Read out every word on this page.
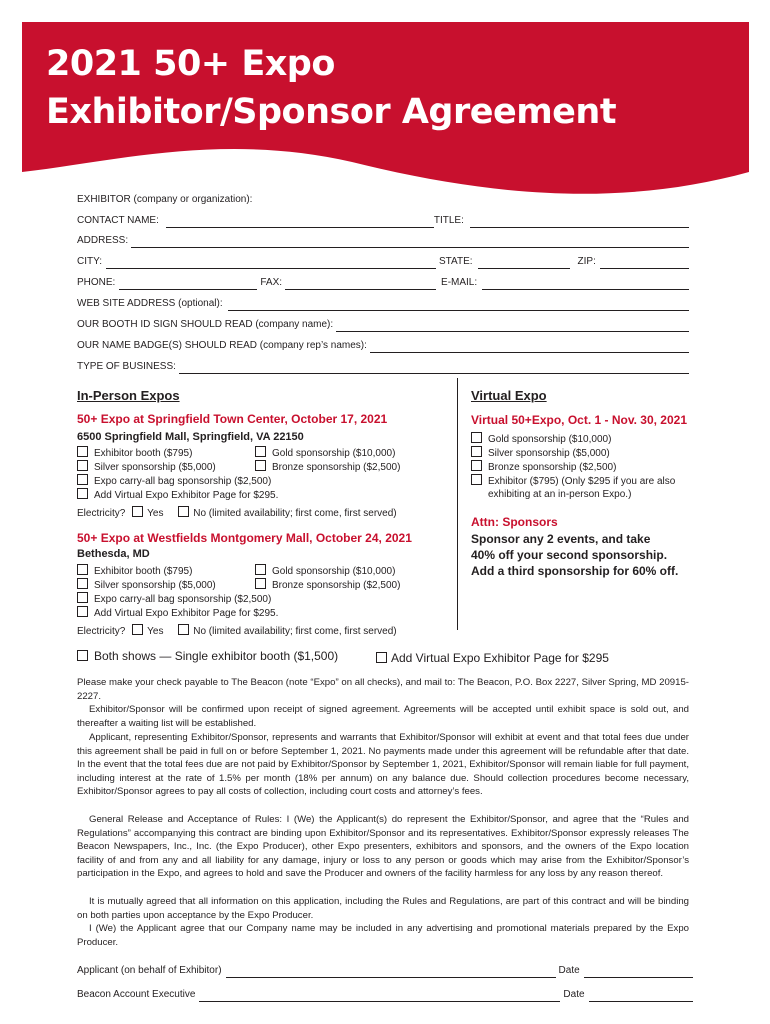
2021 50+ Expo
Exhibitor/Sponsor Agreement
EXHIBITOR (company or organization):
CONTACT NAME:	TITLE:
ADDRESS:
CITY:	STATE:	ZIP:
PHONE:	FAX:	E-MAIL:
WEB SITE ADDRESS (optional):
OUR BOOTH ID SIGN SHOULD READ (company name):
OUR NAME BADGE(S) SHOULD READ (company rep’s names):
TYPE OF BUSINESS:
In-Person Expos
50+ Expo at Springfield Town Center, October 17, 2021
6500 Springfield Mall, Springfield, VA 22150
Exhibitor booth ($795)	Gold sponsorship ($10,000)
Silver sponsorship ($5,000)	Bronze sponsorship ($2,500)
Expo carry-all bag sponsorship ($2,500)
Add Virtual Expo Exhibitor Page for $295.
Electricity? Yes	No (limited availability; first come, first served)
50+ Expo at Westfields Montgomery Mall, October 24, 2021
Bethesda, MD
Exhibitor booth ($795)	Gold sponsorship ($10,000)
Silver sponsorship ($5,000)	Bronze sponsorship ($2,500)
Expo carry-all bag sponsorship ($2,500)
Add Virtual Expo Exhibitor Page for $295.
Electricity? Yes	No (limited availability; first come, first served)
Virtual Expo
Virtual 50+Expo, Oct. 1 - Nov. 30, 2021
Gold sponsorship ($10,000)
Silver sponsorship ($5,000)
Bronze sponsorship ($2,500)
Exhibitor ($795) (Only $295 if you are also
exhibiting at an in-person Expo.)
Attn: Sponsors
Sponsor any 2 events, and take
40% off your second sponsorship.
Add a third sponsorship for 60% off.
Both shows — Single exhibitor booth ($1,500)	Add Virtual Expo Exhibitor Page for $295
Please make your check payable to The Beacon (note “Expo” on all checks), and mail to: The Beacon, P.O. Box 2227, Silver Spring, MD 20915-2227.
Exhibitor/Sponsor will be confirmed upon receipt of signed agreement. Agreements will be accepted until exhibit space is sold out, and thereafter a waiting list will be established.
Applicant, representing Exhibitor/Sponsor, represents and warrants that Exhibitor/Sponsor will exhibit at event and that total fees due under this agreement shall be paid in full on or before September 1, 2021. No payments made under this agreement will be refundable after that date. In the event that the total fees due are not paid by Exhibitor/Sponsor by September 1, 2021, Exhibitor/Sponsor will remain liable for full payment, including interest at the rate of 1.5% per month (18% per annum) on any balance due. Should collection procedures become necessary, Exhibitor/Sponsor agrees to pay all costs of collection, including court costs and attorney’s fees.
General Release and Acceptance of Rules: I (We) the Applicant(s) do represent the Exhibitor/Sponsor, and agree that the “Rules and Regulations” accompanying this contract are binding upon Exhibitor/Sponsor and its representatives. Exhibitor/Sponsor expressly releases The Beacon Newspapers, Inc., Inc. (the Expo Producer), other Expo presenters, exhibitors and sponsors, and the owners of the Expo location facility of and from any and all liability for any damage, injury or loss to any person or goods which may arise from the Exhibitor/Sponsor’s participation in the Expo, and agrees to hold and save the Producer and owners of the facility harmless for any loss by any reason thereof.
It is mutually agreed that all information on this application, including the Rules and Regulations, are part of this contract and will be binding on both parties upon acceptance by the Expo Producer.
I (We) the Applicant agree that our Company name may be included in any advertising and promotional materials prepared by the Expo Producer.
Applicant (on behalf of Exhibitor)	Date
Beacon Account Executive	Date
